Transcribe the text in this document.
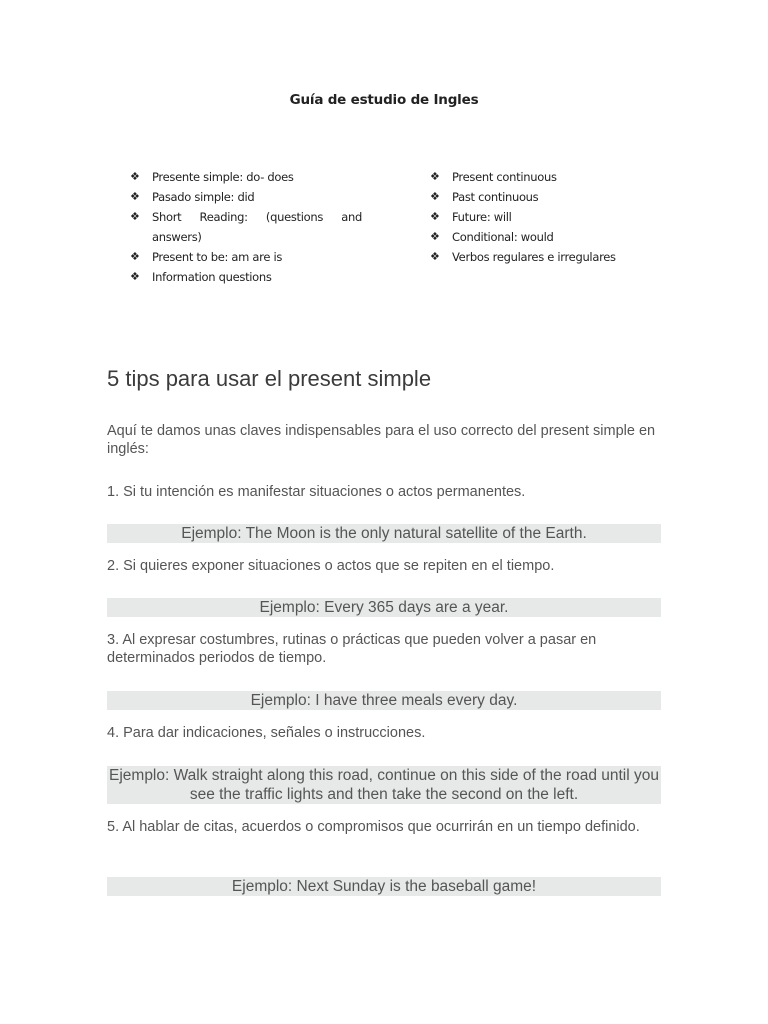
Guía de estudio de Ingles
❖ Presente simple: do- does
❖ Pasado simple: did
❖ Short Reading: (questions and answers)
❖ Present to be: am are is
❖ Information questions
❖ Present continuous
❖ Past continuous
❖ Future: will
❖ Conditional: would
❖ Verbos regulares e irregulares
5 tips para usar el present simple

Aquí te damos unas claves indispensables para el uso correcto del present simple en inglés:

1. Si tu intención es manifestar situaciones o actos permanentes.

Ejemplo: The Moon is the only natural satellite of the Earth.

2. Si quieres exponer situaciones o actos que se repiten en el tiempo.

Ejemplo: Every 365 days are a year.

3. Al expresar costumbres, rutinas o prácticas que pueden volver a pasar en determinados periodos de tiempo.

Ejemplo: I have three meals every day.

4. Para dar indicaciones, señales o instrucciones.

Ejemplo: Walk straight along this road, continue on this side of the road until you see the traffic lights and then take the second on the left.

5. Al hablar de citas, acuerdos o compromisos que ocurrirán en un tiempo definido.

Ejemplo: Next Sunday is the baseball game!
